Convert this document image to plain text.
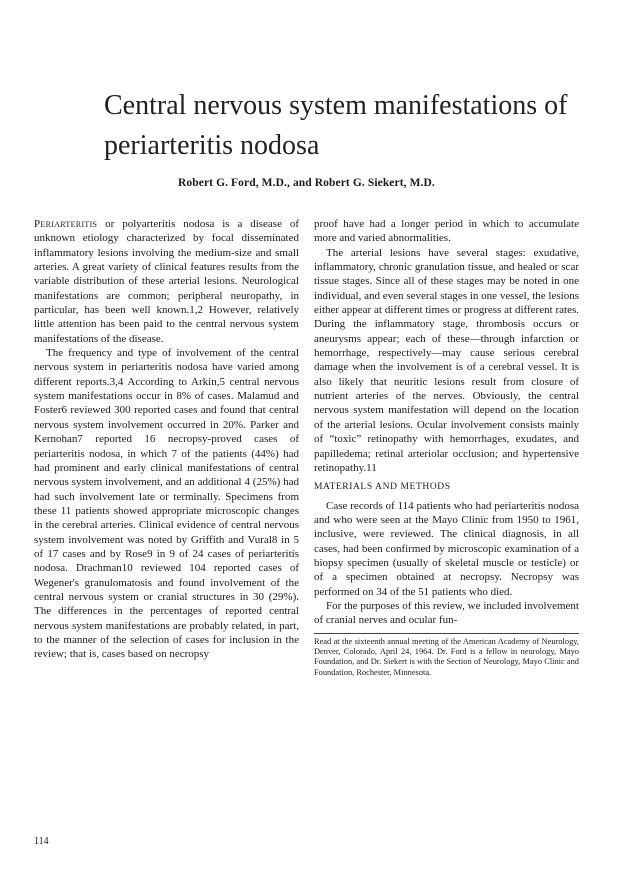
Central nervous system manifestations of periarteritis nodosa
Robert G. Ford, M.D., and Robert G. Siekert, M.D.

Periarteritis or polyarteritis nodosa is a disease of unknown etiology characterized by focal disseminated inflammatory lesions involving the medium-size and small arteries. A great variety of clinical features results from the variable distribution of these arterial lesions. Neurological manifestations are common; peripheral neuropathy, in particular, has been well known.1,2 However, relatively little attention has been paid to the central nervous system manifestations of the disease.

The frequency and type of involvement of the central nervous system in periarteritis nodosa have varied among different reports.3,4 According to Arkin,5 central nervous system manifestations occur in 8% of cases. Malamud and Foster6 reviewed 300 reported cases and found that central nervous system involvement occurred in 20%. Parker and Kernohan7 reported 16 necropsy-proved cases of periarteritis nodosa, in which 7 of the patients (44%) had had prominent and early clinical manifestations of central nervous system involvement, and an additional 4 (25%) had had such involvement late or terminally. Specimens from these 11 patients showed appropriate microscopic changes in the cerebral arteries. Clinical evidence of central nervous system involvement was noted by Griffith and Vural8 in 5 of 17 cases and by Rose9 in 9 of 24 cases of periarteritis nodosa. Drachman10 reviewed 104 reported cases of Wegener's granulomatosis and found involvement of the central nervous system or cranial structures in 30 (29%). The differences in the percentages of reported central nervous system manifestations are probably related, in part, to the manner of the selection of cases for inclusion in the review; that is, cases based on necropsy

proof have had a longer period in which to accumulate more and varied abnormalities.

The arterial lesions have several stages: exudative, inflammatory, chronic granulation tissue, and healed or scar tissue stages. Since all of these stages may be noted in one individual, and even several stages in one vessel, the lesions either appear at different times or progress at different rates. During the inflammatory stage, thrombosis occurs or aneurysms appear; each of these—through infarction or hemorrhage, respectively—may cause serious cerebral damage when the involvement is of a cerebral vessel. It is also likely that neuritic lesions result from closure of nutrient arteries of the nerves. Obviously, the central nervous system manifestation will depend on the location of the arterial lesions. Ocular involvement consists mainly of “toxic” retinopathy with hemorrhages, exudates, and papilledema; retinal arteriolar occlusion; and hypertensive retinopathy.11

MATERIALS AND METHODS

Case records of 114 patients who had periarteritis nodosa and who were seen at the Mayo Clinic from 1950 to 1961, inclusive, were reviewed. The clinical diagnosis, in all cases, had been confirmed by microscopic examination of a biopsy specimen (usually of skeletal muscle or testicle) or of a specimen obtained at necropsy. Necropsy was performed on 34 of the 51 patients who died.

For the purposes of this review, we included involvement of cranial nerves and ocular fun-

Read at the sixteenth annual meeting of the American Academy of Neurology, Denver, Colorado, April 24, 1964. Dr. Ford is a fellow in neurology, Mayo Foundation, and Dr. Siekert is with the Section of Neurology, Mayo Clinic and Foundation, Rochester, Minnesota.
114
